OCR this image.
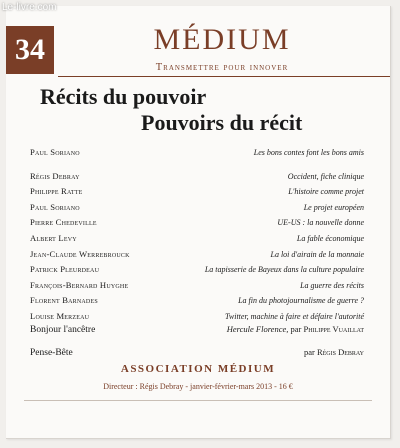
Le-livre.com
34	MÉDIUM
Transmettre pour innover
Récits du pouvoir
Pouvoirs du récit
Paul Soriano	Les bons contes font les bons amis
Régis Debray	Occident, fiche clinique
Philippe Ratte	L'histoire comme projet
Paul Soriano	Le projet européen
Pierre Chedeville	UE-US : la nouvelle donne
Albert Levy	La fable économique
Jean-Claude Werrebrouck	La loi d'airain de la monnaie
Patrick Pleurdeau	La tapisserie de Bayeux dans la culture populaire
François-Bernard Huyghe	La guerre des récits
Florent Barnades	La fin du photojournalisme de guerre ?
Louise Merzeau	Twitter, machine à faire et défaire l'autorité
Bonjour l'ancêtre	Hercule Florence, par Philippe Vuaillat
Pense-Bête	par Régis Debray
ASSOCIATION MÉDIUM
Directeur : Régis Debray - janvier-février-mars 2013 - 16 €
